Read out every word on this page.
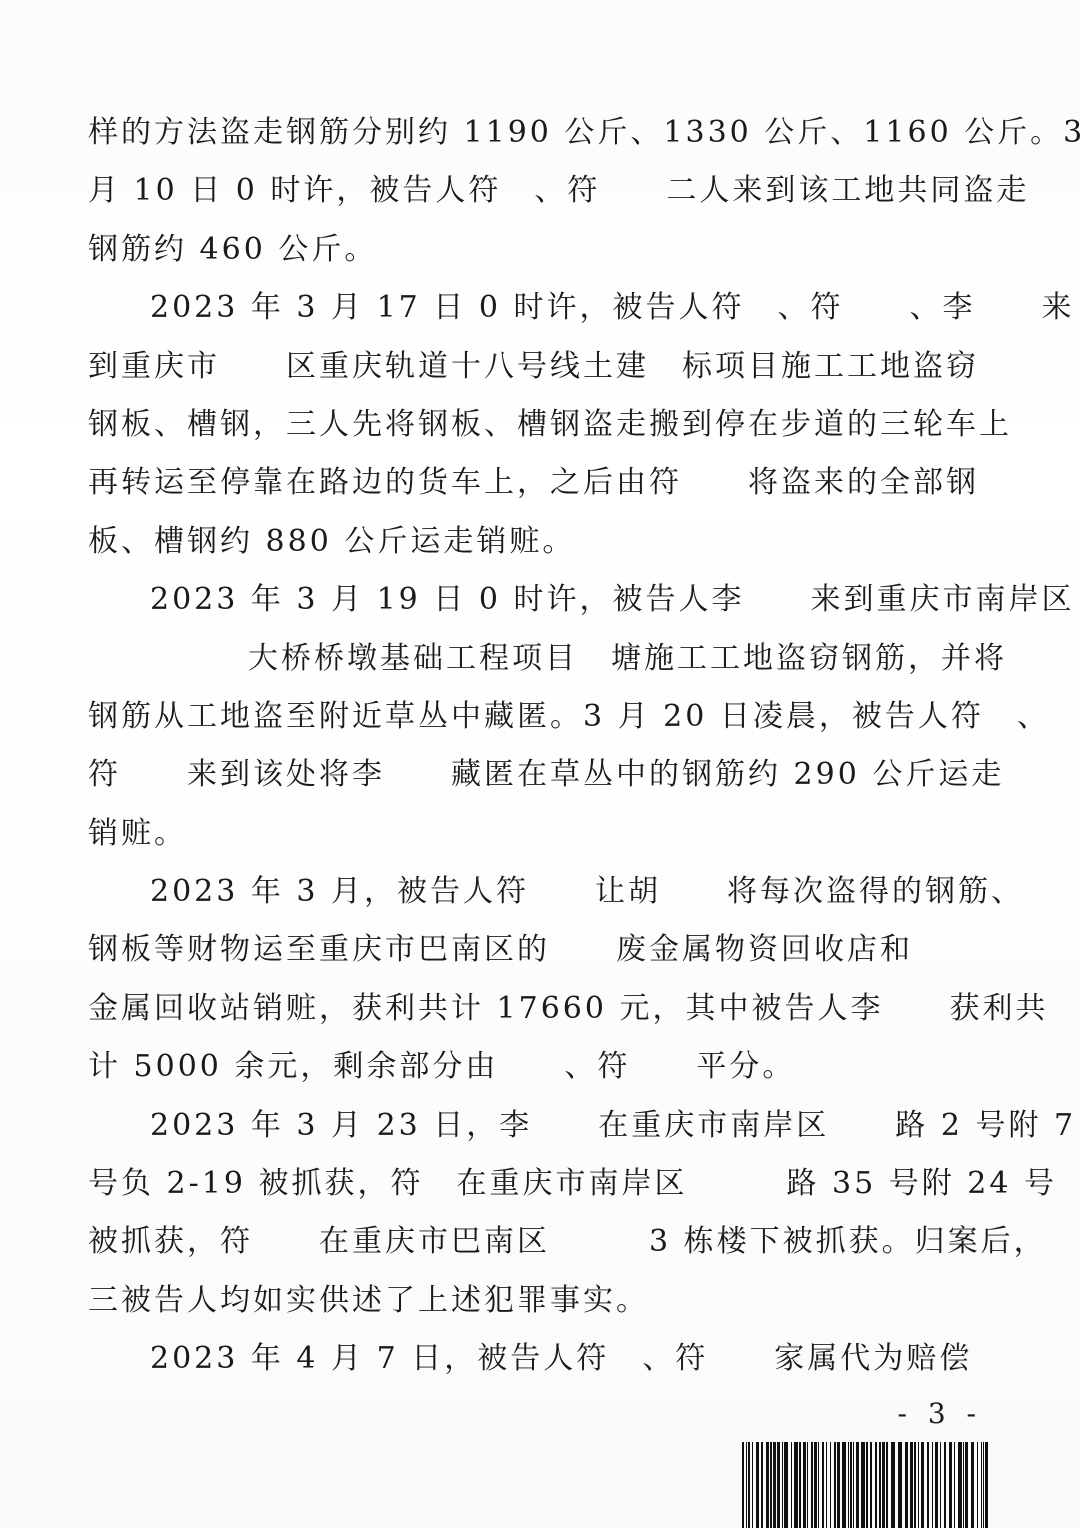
样的方法盗走钢筋分别约 1190 公斤、1330 公斤、1160 公斤。3
月 10 日 0 时许，被告人符　、符　　二人来到该工地共同盗走
钢筋约 460 公斤。
2023 年 3 月 17 日 0 时许，被告人符　、符　　、李　　来
到重庆市　　区重庆轨道十八号线土建　标项目施工工地盗窃
钢板、槽钢，三人先将钢板、槽钢盗走搬到停在步道的三轮车上
再转运至停靠在路边的货车上，之后由符　　将盗来的全部钢
板、槽钢约 880 公斤运走销赃。
2023 年 3 月 19 日 0 时许，被告人李　　来到重庆市南岸区
大桥桥墩基础工程项目　塘施工工地盗窃钢筋，并将
钢筋从工地盗至附近草丛中藏匿。3 月 20 日凌晨，被告人符　、
符　　来到该处将李　　藏匿在草丛中的钢筋约 290 公斤运走
销赃。
2023 年 3 月，被告人符　　让胡　　将每次盗得的钢筋、
钢板等财物运至重庆市巴南区的　　废金属物资回收店和
金属回收站销赃，获利共计 17660 元，其中被告人李　　获利共
计 5000 余元，剩余部分由　　、符　　平分。
2023 年 3 月 23 日，李　　在重庆市南岸区　　路 2 号附 7
号负 2-19 被抓获，符　在重庆市南岸区　　　路 35 号附 24 号
被抓获，符　　在重庆市巴南区　　　3 栋楼下被抓获。归案后，
三被告人均如实供述了上述犯罪事实。
2023 年 4 月 7 日，被告人符　、符　　家属代为赔偿
- 3 -
